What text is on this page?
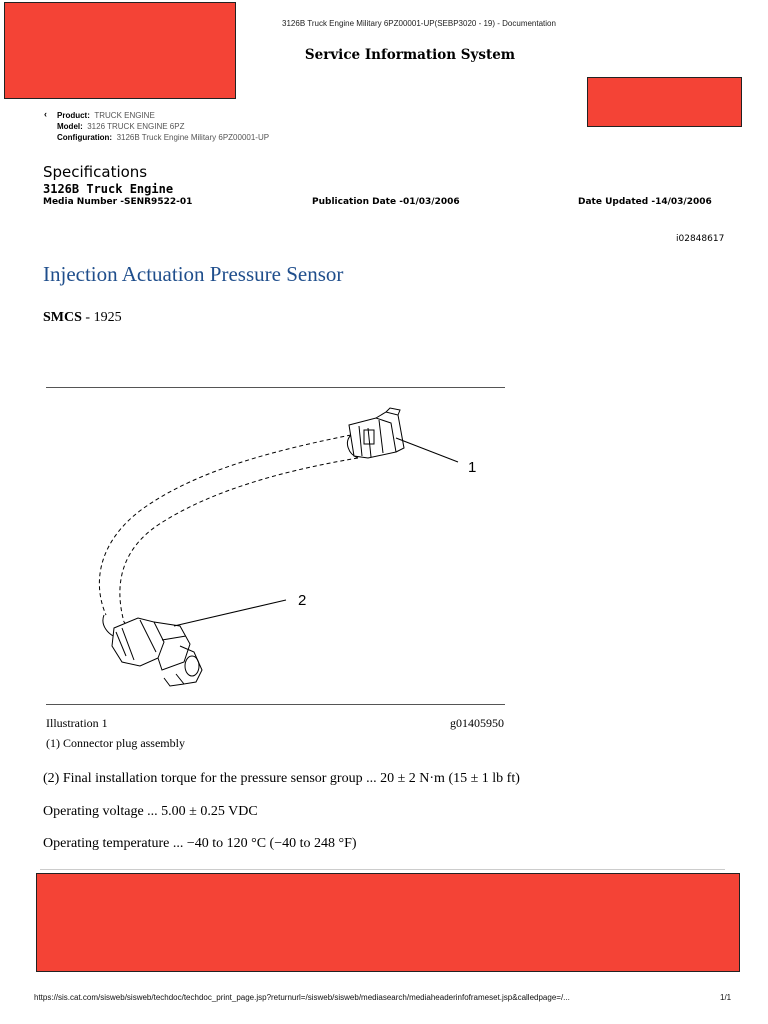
3126B Truck Engine Military 6PZ00001-UP(SEBP3020 - 19) - Documentation
Service Information System
‹ Product: TRUCK ENGINE
Model: 3126 TRUCK ENGINE 6PZ
Configuration: 3126B Truck Engine Military 6PZ00001-UP
Specifications
3126B Truck Engine
Media Number -SENR9522-01	Publication Date -01/03/2006	Date Updated -14/03/2006
i02848617
Injection Actuation Pressure Sensor
SMCS - 1925
1
2
Illustration 1	g01405950
(1) Connector plug assembly
(2) Final installation torque for the pressure sensor group ... 20 ± 2 N·m (15 ± 1 lb ft)
Operating voltage ... 5.00 ± 0.25 VDC
Operating temperature ... −40 to 120 °C (−40 to 248 °F)
https://sis.cat.com/sisweb/sisweb/techdoc/techdoc_print_page.jsp?returnurl=/sisweb/sisweb/mediasearch/mediaheaderinfoframeset.jsp&calledpage=/...	1/1
